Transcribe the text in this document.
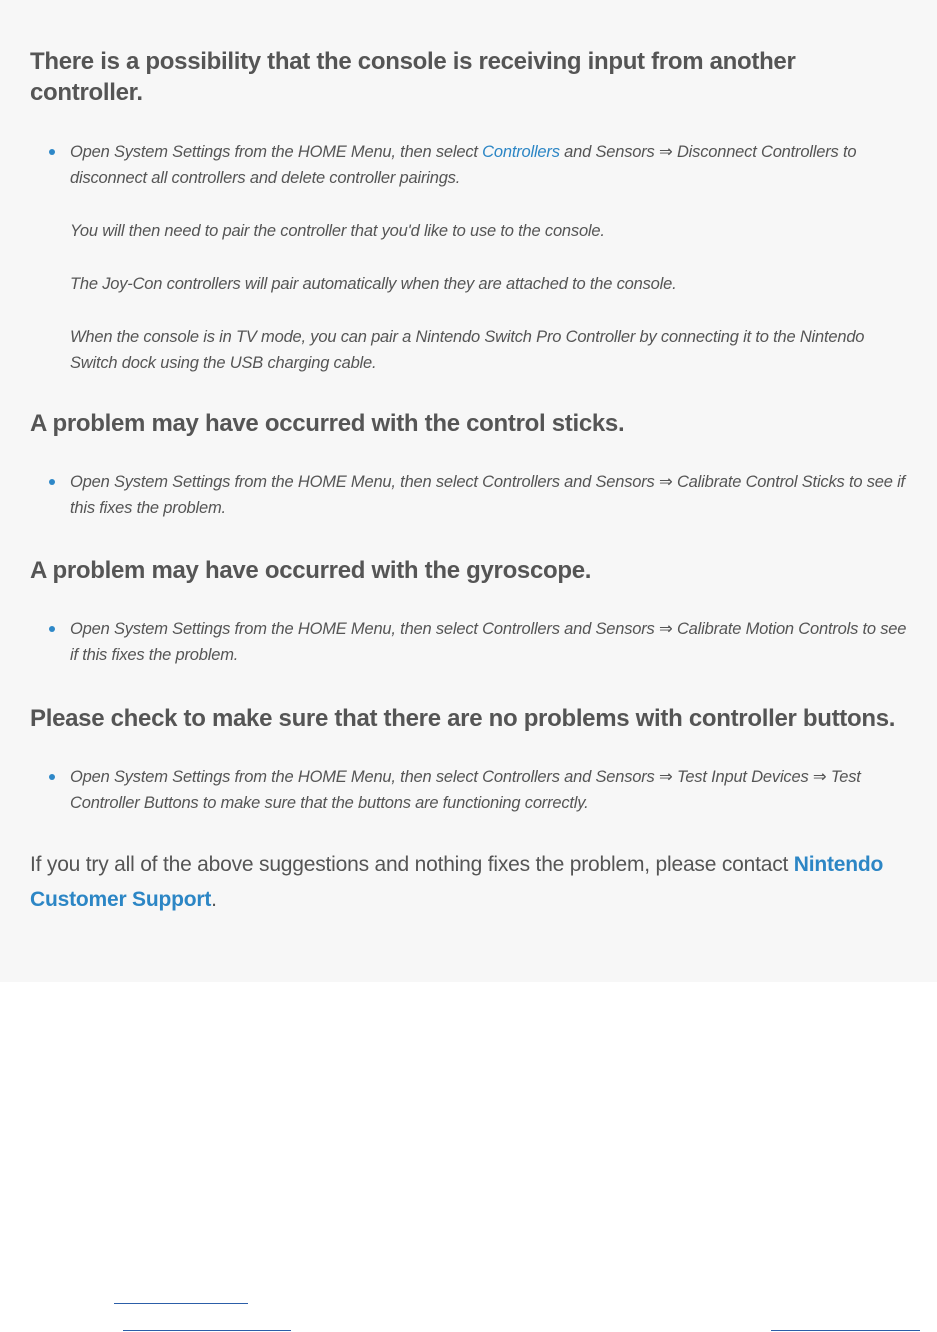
There is a possibility that the console is receiving input from another controller.

Open System Settings from the HOME Menu, then select Controllers and Sensors ⇒ Disconnect Controllers to disconnect all controllers and delete controller pairings.

You will then need to pair the controller that you'd like to use to the console.

The Joy-Con controllers will pair automatically when they are attached to the console.

When the console is in TV mode, you can pair a Nintendo Switch Pro Controller by connecting it to the Nintendo Switch dock using the USB charging cable.

A problem may have occurred with the control sticks.

Open System Settings from the HOME Menu, then select Controllers and Sensors ⇒ Calibrate Control Sticks to see if this fixes the problem.

A problem may have occurred with the gyroscope.

Open System Settings from the HOME Menu, then select Controllers and Sensors ⇒ Calibrate Motion Controls to see if this fixes the problem.

Please check to make sure that there are no problems with controller buttons.

Open System Settings from the HOME Menu, then select Controllers and Sensors ⇒ Test Input Devices ⇒ Test Controller Buttons to make sure that the buttons are functioning correctly.

If you try all of the above suggestions and nothing fixes the problem, please contact Nintendo Customer Support.
